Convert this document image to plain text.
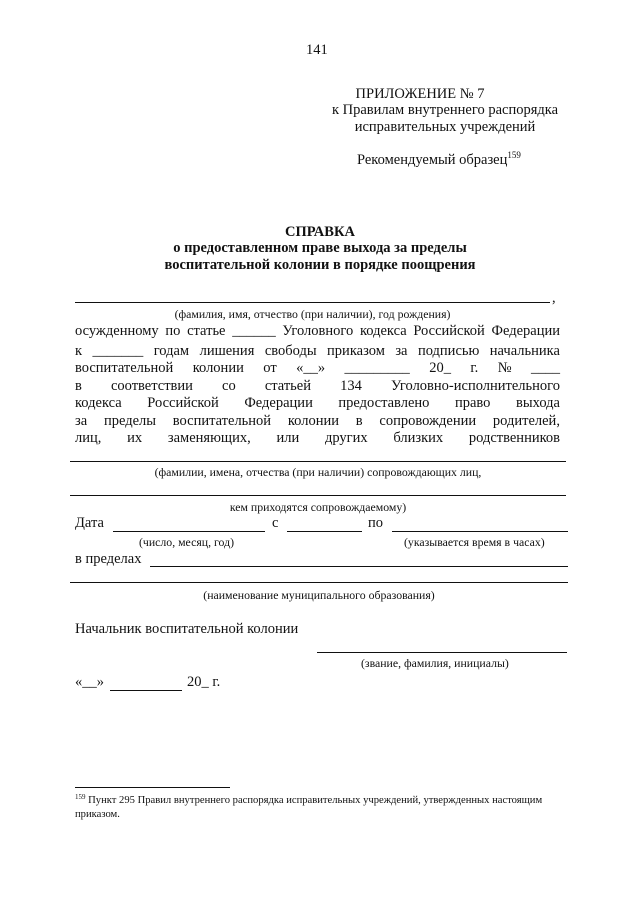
141
ПРИЛОЖЕНИЕ № 7
к Правилам внутреннего распорядка
исправительных учреждений
Рекомендуемый образец$^{159}$
СПРАВКА
о предоставленном праве выхода за пределы
воспитательной колонии в порядке поощрения
,
(фамилия, имя, отчество (при наличии), год рождения)
осужденному по статье ______ Уголовного кодекса Российской Федерации
к _______ годам лишения свободы приказом за подписью начальника
воспитательной колонии от «__» _________ 20_ г. № ____
в соответствии со статьей 134 Уголовно-исполнительного
кодекса Российской Федерации предоставлено право выхода
за пределы воспитательной колонии в сопровождении родителей,
лиц, их заменяющих, или других близких родственников
(фамилии, имена, отчества (при наличии) сопровождающих лиц,
кем приходятся сопровождаемому)
Дата	с	по
(число, месяц, год)	(указывается время в часах)
в пределах
(наименование муниципального образования)
Начальник воспитательной колонии
(звание, фамилия, инициалы)
«__»	20_ г.
$^{159}$ Пункт 295 Правил внутреннего распорядка исправительных учреждений, утвержденных настоящим
приказом.
